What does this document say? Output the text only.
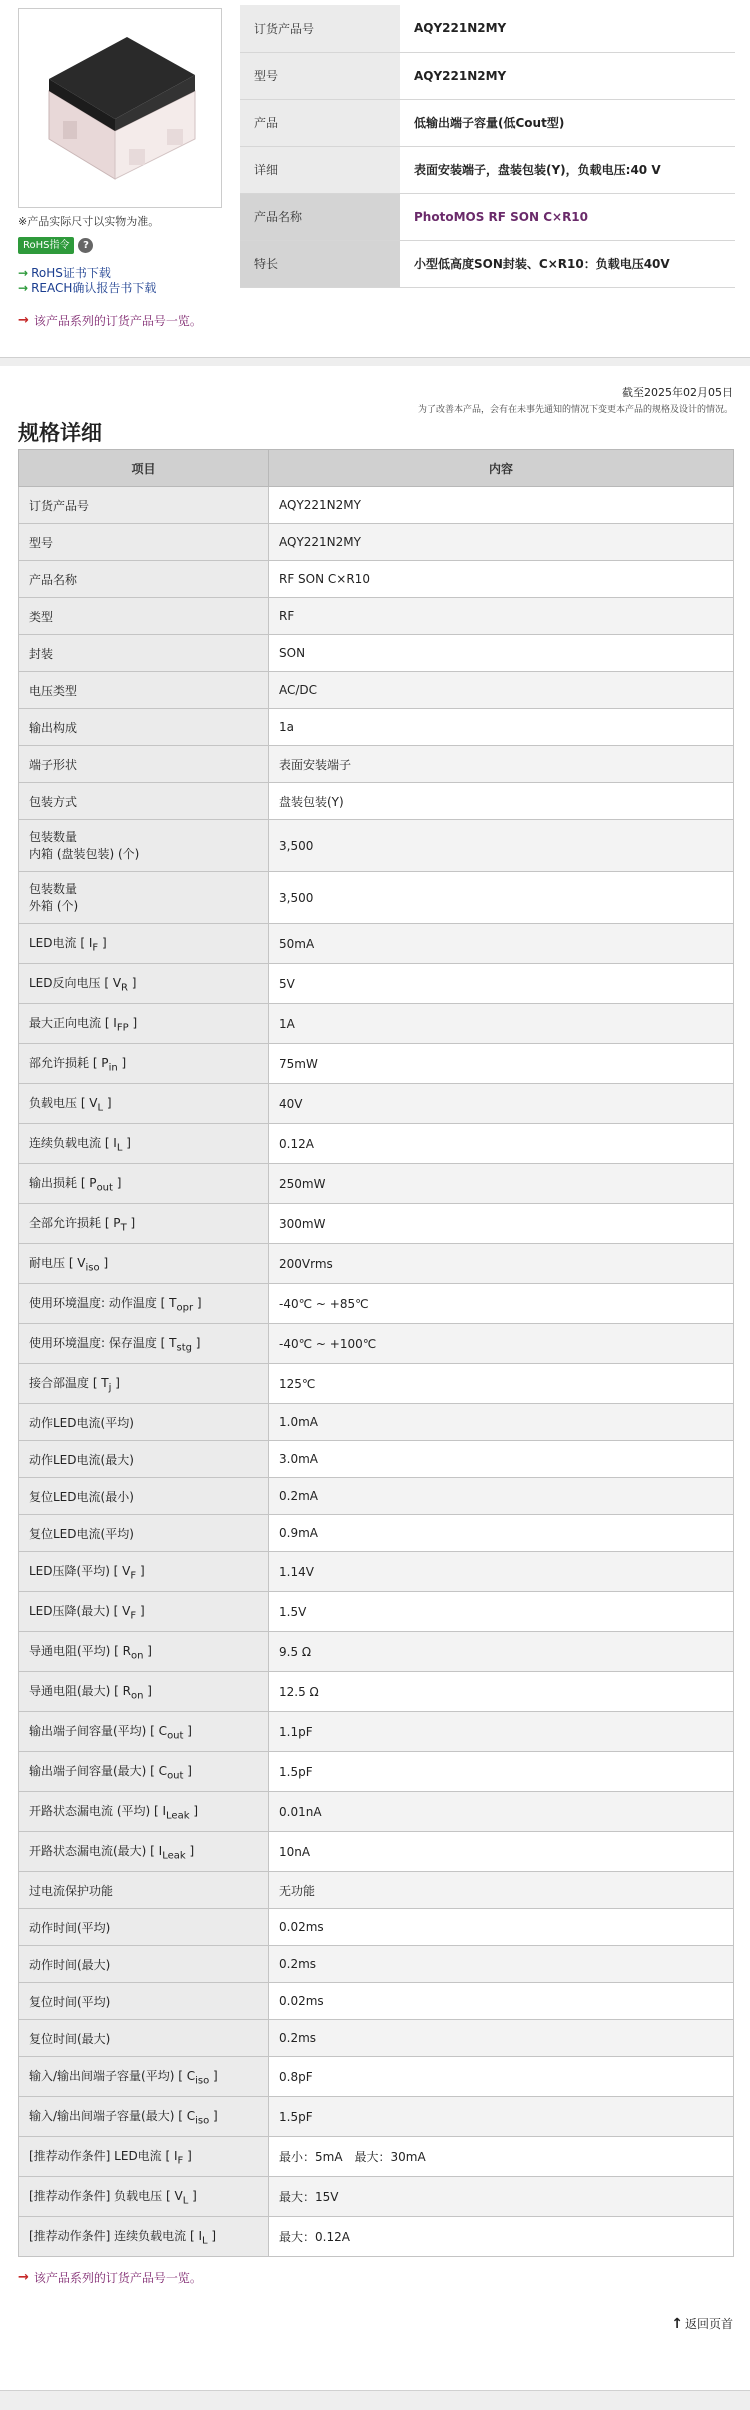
※产品实际尺寸以实物为准。
RoHS指令	?
→ RoHS证书下载
→ REACH确认报告书下载
→ 该产品系列的订货产品号一览。
订货产品号	AQY221N2MY
型号	AQY221N2MY
产品	低输出端子容量(低Cout型)
详细	表面安装端子，盘装包装(Y)，负载电压:40 V
产品名称	PhotoMOS RF SON C×R10
特长	小型低高度SON封装、C×R10：负载电压40V
截至2025年02月05日
为了改善本产品，会有在未事先通知的情况下变更本产品的规格及设计的情况。
规格详细
项目	内容
订货产品号	AQY221N2MY
型号	AQY221N2MY
产品名称	RF SON C×R10
类型	RF
封装	SON
电压类型	AC/DC
输出构成	1a
端子形状	表面安装端子
包装方式	盘装包装(Y)

包装数量
内箱 (盘装包装) (个)	3,500

包装数量
外箱 (个)	3,500
LED电流 [ $I_F$ ]	50mA
LED反向电压 [ $V_R$ ]	5V
最大正向电流 [ $I_{FP}$ ]	1A
部允许损耗 [ $P_{in}$ ]	75mW
负载电压 [ $V_L$ ]	40V
连续负载电流 [ $I_L$ ]	0.12A
输出损耗 [ $P_{out}$ ]	250mW
全部允许损耗 [ $P_T$ ]	300mW
耐电压 [ $V_{iso}$ ]	200Vrms
使用环境温度: 动作温度 [ $T_{opr}$ ]	-40℃ ~ +85℃
使用环境温度: 保存温度 [ $T_{stg}$ ]	-40℃ ~ +100℃
接合部温度 [ $T_j$ ]	125℃
动作LED电流(平均)	1.0mA
动作LED电流(最大)	3.0mA
复位LED电流(最小)	0.2mA
复位LED电流(平均)	0.9mA
LED压降(平均) [ $V_F$ ]	1.14V
LED压降(最大) [ $V_F$ ]	1.5V
导通电阻(平均) [ $R_{on}$ ]	9.5 Ω
导通电阻(最大) [ $R_{on}$ ]	12.5 Ω
输出端子间容量(平均) [ $C_{out}$ ]	1.1pF
输出端子间容量(最大) [ $C_{out}$ ]	1.5pF
开路状态漏电流 (平均) [ $I_{Leak}$ ]	0.01nA
开路状态漏电流(最大) [ $I_{Leak}$ ]	10nA
过电流保护功能	无功能
动作时间(平均)	0.02ms
动作时间(最大)	0.2ms
复位时间(平均)	0.02ms
复位时间(最大)	0.2ms
输入/输出间端子容量(平均) [ $C_{iso}$ ]	0.8pF
输入/输出间端子容量(最大) [ $C_{iso}$ ]	1.5pF
[推荐动作条件] LED电流 [ $I_F$ ]	最小：5mA　最大：30mA
[推荐动作条件] 负载电压 [ $V_L$ ]	最大：15V
[推荐动作条件] 连续负载电流 [ $I_L$ ]	最大：0.12A
→ 该产品系列的订货产品号一览。
↑ 返回页首
